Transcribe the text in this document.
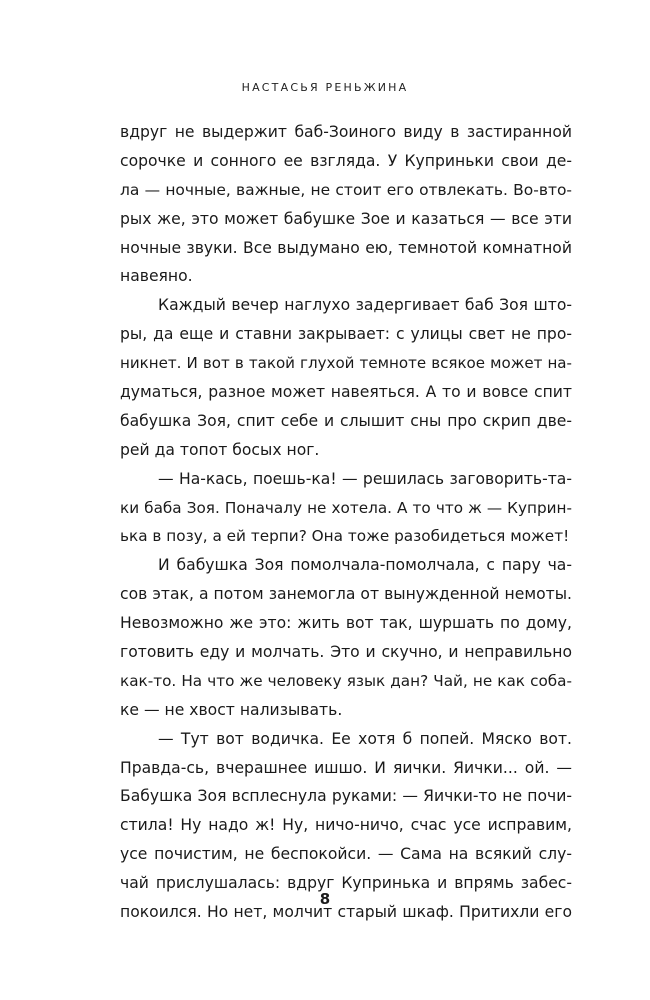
НАСТАСЬЯ РЕНЬЖИНА
вдруг не выдержит баб-Зоиного виду в застиранной
сорочке и сонного ее взгляда. У Куприньки свои де-
ла — ночные, важные, не стоит его отвлекать. Во-вто-
рых же, это может бабушке Зое и казаться — все эти
ночные звуки. Все выдумано ею, темнотой комнатной
навеяно.
Каждый вечер наглухо задергивает баб Зоя што-
ры, да еще и ставни закрывает: с улицы свет не про-
никнет. И вот в такой глухой темноте всякое может на-
думаться, разное может навеяться. А то и вовсе спит
бабушка Зоя, спит себе и слышит сны про скрип две-
рей да топот босых ног.
— На-кась, поешь-ка! — решилась заговорить-та-
ки баба Зоя. Поначалу не хотела. А то что ж — Куприн-
ька в позу, а ей терпи? Она тоже разобидеться может!
И бабушка Зоя помолчала-помолчала, с пару ча-
сов этак, а потом занемогла от вынужденной немоты.
Невозможно же это: жить вот так, шуршать по дому,
готовить еду и молчать. Это и скучно, и неправильно
как-то. На что же человеку язык дан? Чай, не как соба-
ке — не хвост нализывать.
— Тут вот водичка. Ее хотя б попей. Мяско вот.
Правда-сь, вчерашнее ишшо. И яички. Яички... ой. —
Бабушка Зоя всплеснула руками: — Яички-то не почи-
стила! Ну надо ж! Ну, ничо-ничо, счас усе исправим,
усе почистим, не беспокойси. — Сама на всякий слу-
чай прислушалась: вдруг Купринька и впрямь забес-
покоился. Но нет, молчит старый шкаф. Притихли его
8
